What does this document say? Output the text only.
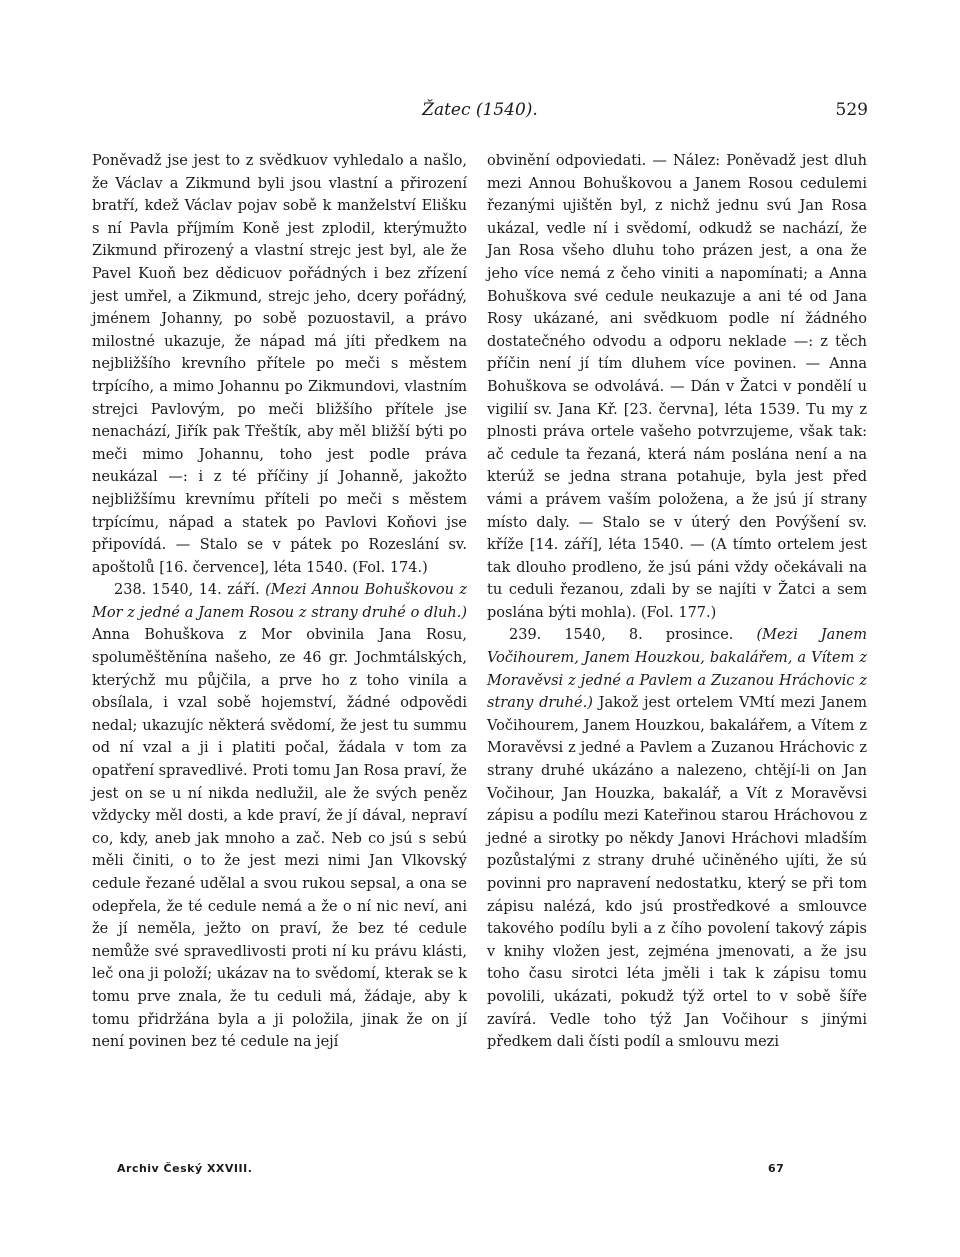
Žatec (1540).	529

Poněvadž jse jest to z svědkuov vyhledalo a našlo, že Václav a Zikmund byli jsou vlastní a přirození bratří, kdež Václav pojav sobě k manželství Elišku s ní Pavla příjmím Koně jest zplodil, kterýmužto Zikmund přirozený a vlastní strejc jest byl, ale že Pavel Kuoň bez dědicuov pořádných i bez zřízení jest umřel, a Zikmund, strejc jeho, dcery pořádný, jménem Johanny, po sobě pozuostavil, a právo milostné ukazuje, že nápad má jíti předkem na nejbližšího krevního přítele po meči s městem trpícího, a mimo Johannu po Zikmundovi, vlastním strejci Pavlovým, po meči bližšího přítele jse nenachází, Jiřík pak Třeštík, aby měl bližší býti po meči mimo Johannu, toho jest podle práva neukázal —: i z té příčiny jí Johanně, jakožto nejbližšímu krevnímu příteli po meči s městem trpícímu, nápad a statek po Pavlovi Koňovi jse připovídá. — Stalo se v pátek po Rozeslání sv. apoštolů [16. července], léta 1540. (Fol. 174.)

238. 1540, 14. září. (Mezi Annou Bohuškovou z Mor z jedné a Janem Rosou z strany druhé o dluh.) Anna Bohuškova z Mor obvinila Jana Rosu, spoluměštěnína našeho, ze 46 gr. Jochmtálských, kterýchž mu půjčila, a prve ho z toho vinila a obsílala, i vzal sobě hojemství, žádné odpovědi nedal; ukazujíc některá svědomí, že jest tu summu od ní vzal a ji i platiti počal, žádala v tom za opatření spravedlivé. Proti tomu Jan Rosa praví, že jest on se u ní nikda nedlužil, ale že svých peněz vždycky měl dosti, a kde praví, že jí dával, nepraví co, kdy, aneb jak mnoho a zač. Neb co jsú s sebú měli činiti, o to že jest mezi nimi Jan Vlkovský cedule řezané udělal a svou rukou sepsal, a ona se odepřela, že té cedule nemá a že o ní nic neví, ani že jí neměla, ježto on praví, že bez té cedule nemůže své spravedlivosti proti ní ku právu klásti, leč ona ji položí; ukázav na to svědomí, kterak se k tomu prve znala, že tu ceduli má, žádaje, aby k tomu přidržána byla a ji položila, jinak že on jí není povinen bez té cedule na její

obvinění odpoviedati. — Nález: Poněvadž jest dluh mezi Annou Bohuškovou a Janem Rosou cedulemi řezanými ujištěn byl, z nichž jednu svú Jan Rosa ukázal, vedle ní i svědomí, odkudž se nachází, že Jan Rosa všeho dluhu toho prázen jest, a ona že jeho více nemá z čeho viniti a napomínati; a Anna Bohuškova své cedule neukazuje a ani té od Jana Rosy ukázané, ani svědkuom podle ní žádného dostatečného odvodu a odporu neklade —: z těch příčin není jí tím dluhem více povinen. — Anna Bohuškova se odvolává. — Dán v Žatci v pondělí u vigilií sv. Jana Kř. [23. června], léta 1539. Tu my z plnosti práva ortele vašeho potvrzujeme, však tak: ač cedule ta řezaná, která nám poslána není a na kterúž se jedna strana potahuje, byla jest před vámi a právem vaším položena, a že jsú jí strany místo daly. — Stalo se v úterý den Povýšení sv. kříže [14. září], léta 1540. — (A tímto ortelem jest tak dlouho prodleno, že jsú páni vždy očekávali na tu ceduli řezanou, zdali by se najíti v Žatci a sem poslána býti mohla). (Fol. 177.)

239. 1540, 8. prosince. (Mezi Janem Vočihourem, Janem Houzkou, bakalářem, a Vítem z Moravěvsi z jedné a Pavlem a Zuzanou Hráchovic z strany druhé.) Jakož jest ortelem VMtí mezi Janem Vočihourem, Janem Houzkou, bakalářem, a Vítem z Moravěvsi z jedné a Pavlem a Zuzanou Hráchovic z strany druhé ukázáno a nalezeno, chtějí-li on Jan Vočihour, Jan Houzka, bakalář, a Vít z Moravěvsi zápisu a podílu mezi Kateřinou starou Hráchovou z jedné a sirotky po někdy Janovi Hráchovi mladším pozůstalými z strany druhé učiněného ujíti, že sú povinni pro napravení nedostatku, který se při tom zápisu nalézá, kdo jsú prostředkové a smlouvce takového podílu byli a z čího povolení takový zápis v knihy vložen jest, zejména jmenovati, a že jsu toho času sirotci léta jměli i tak k zápisu tomu povolili, ukázati, pokudž týž ortel to v sobě šíře zavírá. Vedle toho týž Jan Vočihour s jinými předkem dali čísti podíl a smlouvu mezi

Archiv Český XXVIII.	67
